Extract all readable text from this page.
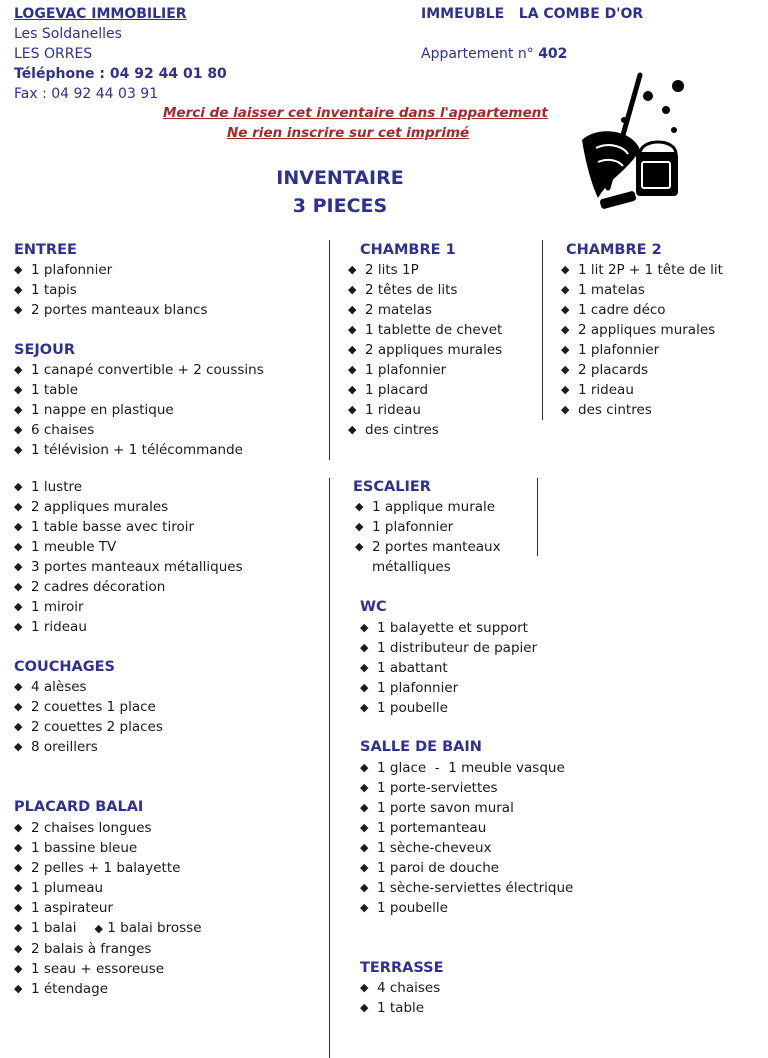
LOGEVAC IMMOBILIER
Les Soldanelles
LES ORRES
Téléphone : 04 92 44 01 80
Fax : 04 92 44 03 91
IMMEUBLE   LA COMBE D'OR
Appartement n° 402
Merci de laisser cet inventaire dans l'appartement
Ne rien inscrire sur cet imprimé
INVENTAIRE
3 PIECES
ENTREE
◆ 1 plafonnier
◆ 1 tapis
◆ 2 portes manteaux blancs
SEJOUR
◆ 1 canapé convertible + 2 coussins
◆ 1 table
◆ 1 nappe en plastique
◆ 6 chaises
◆ 1 télévision + 1 télécommande
◆ 1 lustre
◆ 2 appliques murales
◆ 1 table basse avec tiroir
◆ 1 meuble TV
◆ 3 portes manteaux métalliques
◆ 2 cadres décoration
◆ 1 miroir
◆ 1 rideau
COUCHAGES
◆ 4 alèses
◆ 2 couettes 1 place
◆ 2 couettes 2 places
◆ 8 oreillers
PLACARD BALAI
◆ 2 chaises longues
◆ 1 bassine bleue
◆ 2 pelles + 1 balayette
◆ 1 plumeau
◆ 1 aspirateur
◆ 1 balai ◆ 1 balai brosse
◆ 2 balais à franges
◆ 1 seau + essoreuse
◆ 1 étendage
CHAMBRE 1
◆ 2 lits 1P
◆ 2 têtes de lits
◆ 2 matelas
◆ 1 tablette de chevet
◆ 2 appliques murales
◆ 1 plafonnier
◆ 1 placard
◆ 1 rideau
◆ des cintres
CHAMBRE 2
◆ 1 lit 2P + 1 tête de lit
◆ 1 matelas
◆ 1 cadre déco
◆ 2 appliques murales
◆ 1 plafonnier
◆ 2 placards
◆ 1 rideau
◆ des cintres
ESCALIER
◆ 1 applique murale
◆ 1 plafonnier
◆ 2 portes manteaux
métalliques
WC
◆ 1 balayette et support
◆ 1 distributeur de papier
◆ 1 abattant
◆ 1 plafonnier
◆ 1 poubelle
SALLE DE BAIN
◆ 1 glace  -  1 meuble vasque
◆ 1 porte-serviettes
◆ 1 porte savon mural
◆ 1 portemanteau
◆ 1 sèche-cheveux
◆ 1 paroi de douche
◆ 1 sèche-serviettes électrique
◆ 1 poubelle
TERRASSE
◆ 4 chaises
◆ 1 table
